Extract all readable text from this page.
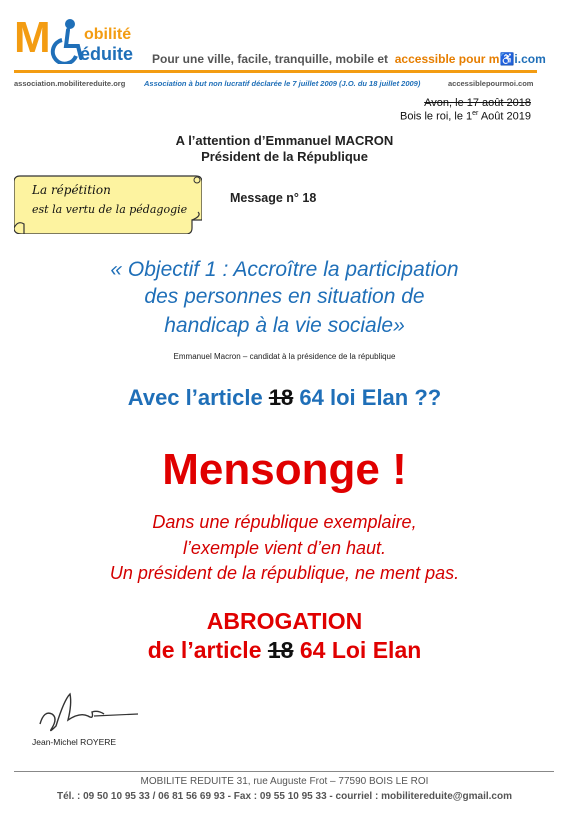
M obilité
éduite Pour une ville, facile, tranquille, mobile et accessible pour m♿i.com
association.mobilitereduite.org Association à but non lucratif déclarée le 7 juillet 2009 (J.O. du 18 juillet 2009)	accessiblepourmoi.com
Avon, le 17 août 2018
Bois le roi, le 1er Août 2019
A l’attention d’Emmanuel MACRON
Président de la République
La répétition
est la vertu de la pédagogie
Message n° 18
« Objectif 1 : Accroître la participation
des personnes en situation de
handicap à la vie sociale»
Emmanuel Macron – candidat à la présidence de la république
Avec l’article 18 64 loi Elan ??
Mensonge !
Dans une république exemplaire,
l’exemple vient d’en haut.
Un président de la république, ne ment pas.
ABROGATION
de l’article 18 64 Loi Elan
Jean-Michel ROYERE
MOBILITE REDUITE 31, rue Auguste Frot – 77590 BOIS LE ROI
Tél. : 09 50 10 95 33 / 06 81 56 69 93 - Fax : 09 55 10 95 33 - courriel : mobilitereduite@gmail.com
